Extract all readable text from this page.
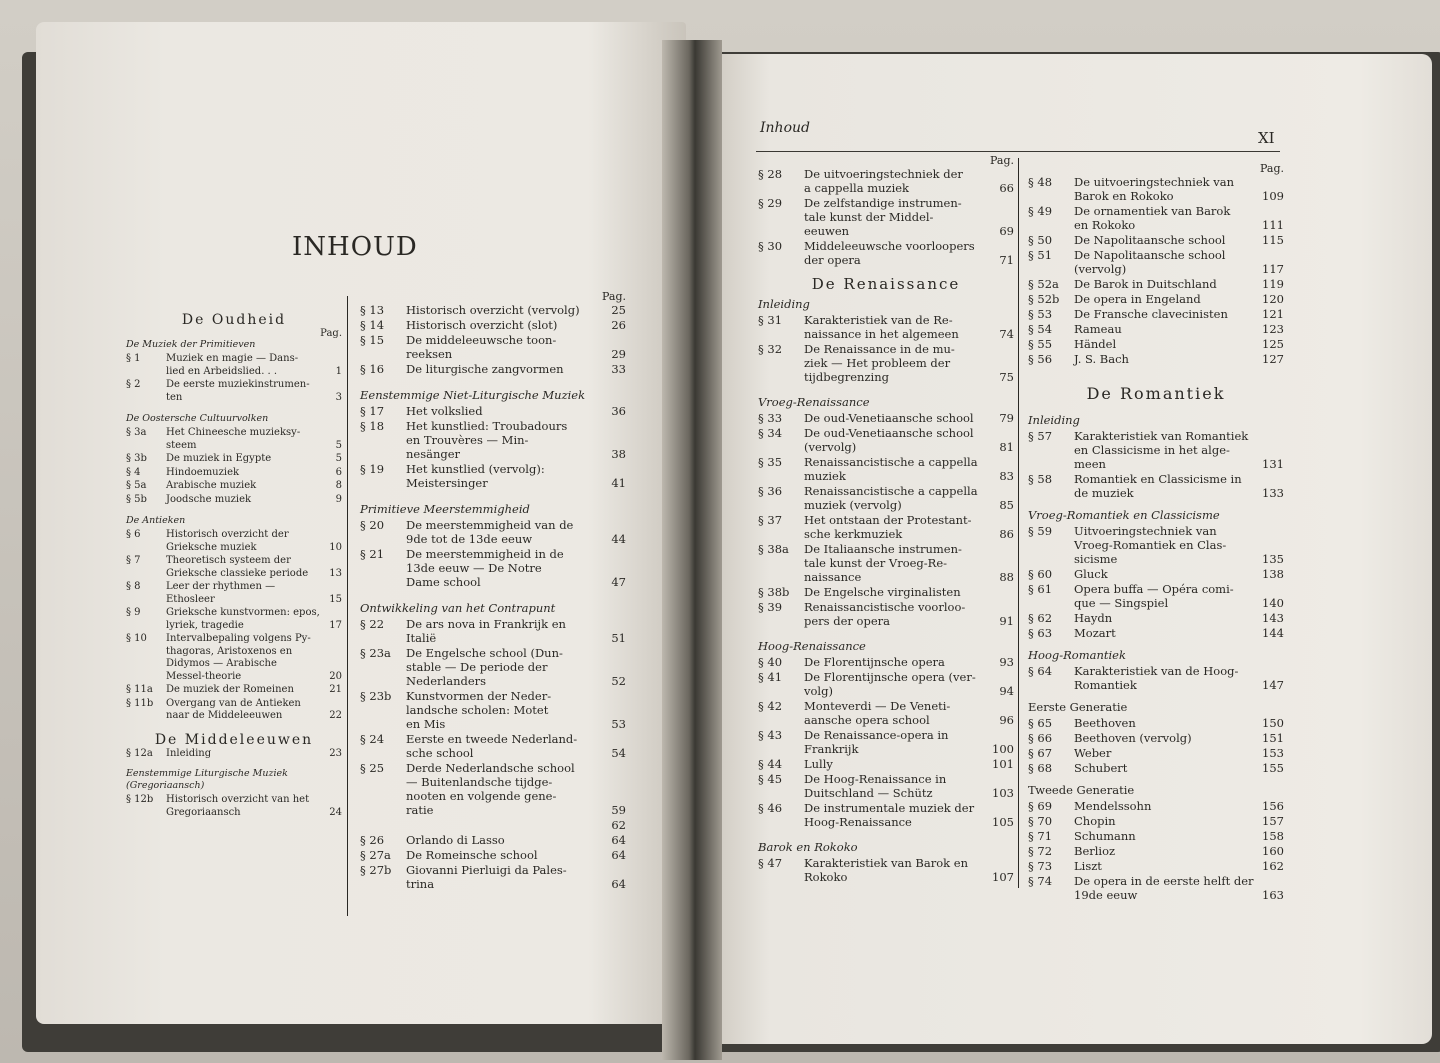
INHOUD
De Oudheid
Pag.
De Muziek der Primitieven
§ 1	Muziek en magie — Dans-
lied en Arbeidslied. . .	1
§ 2	De eerste muziekinstrumen-
ten	3
De Oostersche Cultuurvolken
§ 3a	Het Chineesche muzieksy-
steem	5
§ 3b	De muziek in Egypte	5
§ 4	Hindoemuziek	6
§ 5a	Arabische muziek	8
§ 5b	Joodsche muziek	9
De Antieken
§ 6	Historisch overzicht der
Grieksche muziek	10
§ 7	Theoretisch systeem der
Grieksche classieke periode	13
§ 8	Leer der rhythmen —
Ethosleer	15
§ 9	Grieksche kunstvormen: epos,
lyriek, tragedie	17
§ 10	Intervalbepaling volgens Py-
thagoras, Aristoxenos en
Didymos — Arabische
Messel-theorie	20
§ 11a	De muziek der Romeinen	21
§ 11b	Overgang van de Antieken
naar de Middeleeuwen	22
De Middeleeuwen
§ 12a	Inleiding	23
Eenstemmige Liturgische Muziek (Gregoriaansch)
§ 12b	Historisch overzicht van het
Gregoriaansch	24
Pag.
§ 13	Historisch overzicht (vervolg)	25
§ 14	Historisch overzicht (slot)	26
§ 15	De middeleeuwsche toon-
reeksen	29
§ 16	De liturgische zangvormen	33
Eenstemmige Niet-Liturgische Muziek
§ 17	Het volkslied	36
§ 18	Het kunstlied: Troubadours
en Trouvères — Min-
nesänger	38
§ 19	Het kunstlied (vervolg):
Meistersinger	41
Primitieve Meerstemmigheid
§ 20	De meerstemmigheid van de
9de tot de 13de eeuw	44
§ 21	De meerstemmigheid in de
13de eeuw — De Notre
Dame school	47
Ontwikkeling van het Contrapunt
§ 22	De ars nova in Frankrijk en
Italië	51
§ 23a	De Engelsche school (Dun-
stable — De periode der
Nederlanders	52
§ 23b	Kunstvormen der Neder-
landsche scholen: Motet
en Mis	53
§ 24	Eerste en tweede Nederland-
sche school	54
§ 25	Derde Nederlandsche school
— Buitenlandsche tijdge-
nooten en volgende gene-
ratie	59
62
§ 26	Orlando di Lasso	64
§ 27a	De Romeinsche school	64
§ 27b	Giovanni Pierluigi da Pales-
trina	64
Inhoud
XI
Pag.
§ 28	De uitvoeringstechniek der
a cappella muziek	66
§ 29	De zelfstandige instrumen-
tale kunst der Middel-
eeuwen	69
§ 30	Middeleeuwsche voorloopers
der opera	71
De Renaissance
Inleiding
§ 31	Karakteristiek van de Re-
naissance in het algemeen	74
§ 32	De Renaissance in de mu-
ziek — Het probleem der
tijdbegrenzing	75
Vroeg-Renaissance
§ 33	De oud-Venetiaansche school	79
§ 34	De oud-Venetiaansche school
(vervolg)	81
§ 35	Renaissancistische a cappella
muziek	83
§ 36	Renaissancistische a cappella
muziek (vervolg)	85
§ 37	Het ontstaan der Protestant-
sche kerkmuziek	86
§ 38a	De Italiaansche instrumen-
tale kunst der Vroeg-Re-
naissance	88
§ 38b	De Engelsche virginalisten
§ 39	Renaissancistische voorloo-
pers der opera	91
Hoog-Renaissance
§ 40	De Florentijnsche opera	93
§ 41	De Florentijnsche opera (ver-
volg)	94
§ 42	Monteverdi — De Veneti-
aansche opera school	96
§ 43	De Renaissance-opera in
Frankrijk	100
§ 44	Lully	101
§ 45	De Hoog-Renaissance in
Duitschland — Schütz	103
§ 46	De instrumentale muziek der
Hoog-Renaissance	105
Barok en Rokoko
§ 47	Karakteristiek van Barok en
Rokoko	107
Pag.
§ 48	De uitvoeringstechniek van
Barok en Rokoko	109
§ 49	De ornamentiek van Barok
en Rokoko	111
§ 50	De Napolitaansche school	115
§ 51	De Napolitaansche school
(vervolg)	117
§ 52a	De Barok in Duitschland	119
§ 52b	De opera in Engeland	120
§ 53	De Fransche clavecinisten	121
§ 54	Rameau	123
§ 55	Händel	125
§ 56	J. S. Bach	127
De Romantiek
Inleiding
§ 57	Karakteristiek van Romantiek
en Classicisme in het alge-
meen	131
§ 58	Romantiek en Classicisme in
de muziek	133
Vroeg-Romantiek en Classicisme
§ 59	Uitvoeringstechniek van
Vroeg-Romantiek en Clas-
sicisme	135
§ 60	Gluck	138
§ 61	Opera buffa — Opéra comi-
que — Singspiel	140
§ 62	Haydn	143
§ 63	Mozart	144
Hoog-Romantiek
§ 64	Karakteristiek van de Hoog-
Romantiek	147
Eerste Generatie
§ 65	Beethoven	150
§ 66	Beethoven (vervolg)	151
§ 67	Weber	153
§ 68	Schubert	155
Tweede Generatie
§ 69	Mendelssohn	156
§ 70	Chopin	157
§ 71	Schumann	158
§ 72	Berlioz	160
§ 73	Liszt	162
§ 74	De opera in de eerste helft der
19de eeuw	163
